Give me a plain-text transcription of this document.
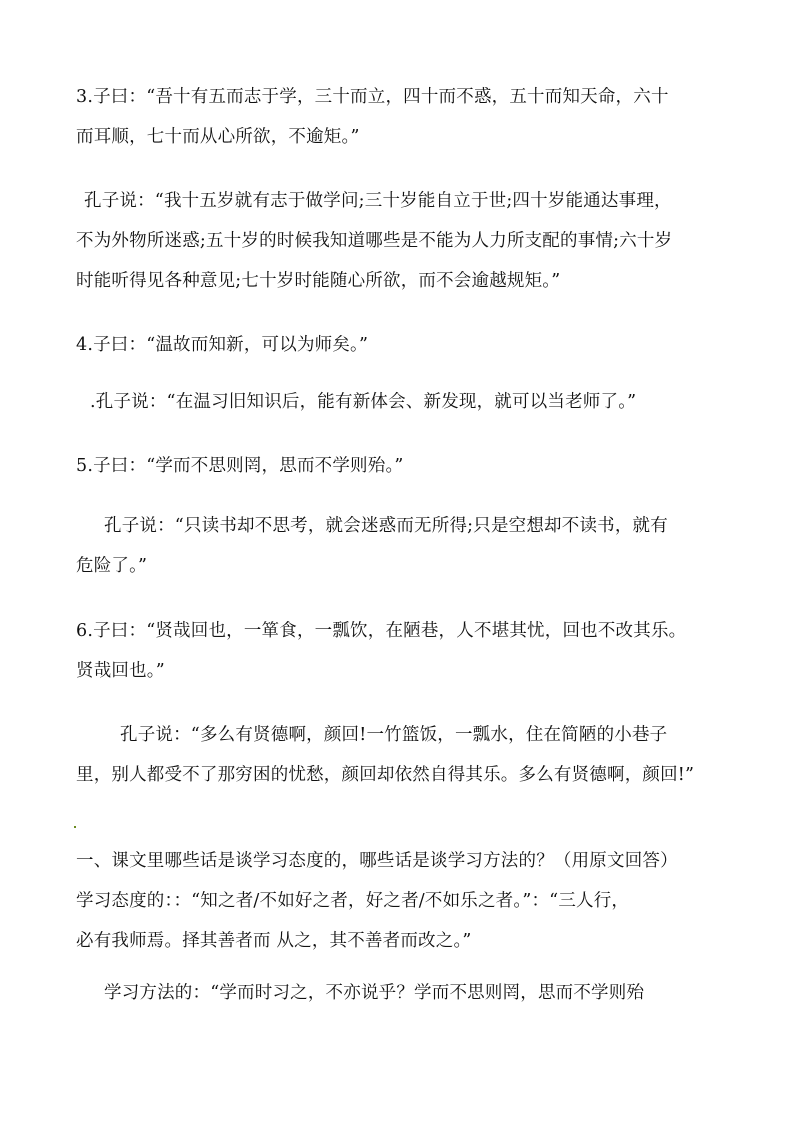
3.子曰：“吾十有五而志于学，三十而立，四十而不惑，五十而知天命，六十
而耳顺，七十而从心所欲，不逾矩。”
孔子说：“我十五岁就有志于做学问;三十岁能自立于世;四十岁能通达事理，
不为外物所迷惑;五十岁的时候我知道哪些是不能为人力所支配的事情;六十岁
时能听得见各种意见;七十岁时能随心所欲，而不会逾越规矩。”
4.子曰：“温故而知新，可以为师矣。”
.孔子说：“在温习旧知识后，能有新体会、新发现，就可以当老师了。”
5.子曰：“学而不思则罔，思而不学则殆。”
孔子说：“只读书却不思考，就会迷惑而无所得;只是空想却不读书，就有
危险了。”
6.子曰：“贤哉回也，一箪食，一瓢饮，在陋巷，人不堪其忧，回也不改其乐。
贤哉回也。”
孔子说：“多么有贤德啊，颜回!一竹篮饭，一瓢水，住在简陋的小巷子
里，别人都受不了那穷困的忧愁，颜回却依然自得其乐。多么有贤德啊，颜回!”
一、课文里哪些话是谈学习态度的，哪些话是谈学习方法的？（用原文回答）
学习态度的：：“知之者/不如好之者，好之者/不如乐之者。”：“三人行，
必有我师焉。择其善者而 从之，其不善者而改之。”
学习方法的：“学而时习之，不亦说乎？学而不思则罔，思而不学则殆
